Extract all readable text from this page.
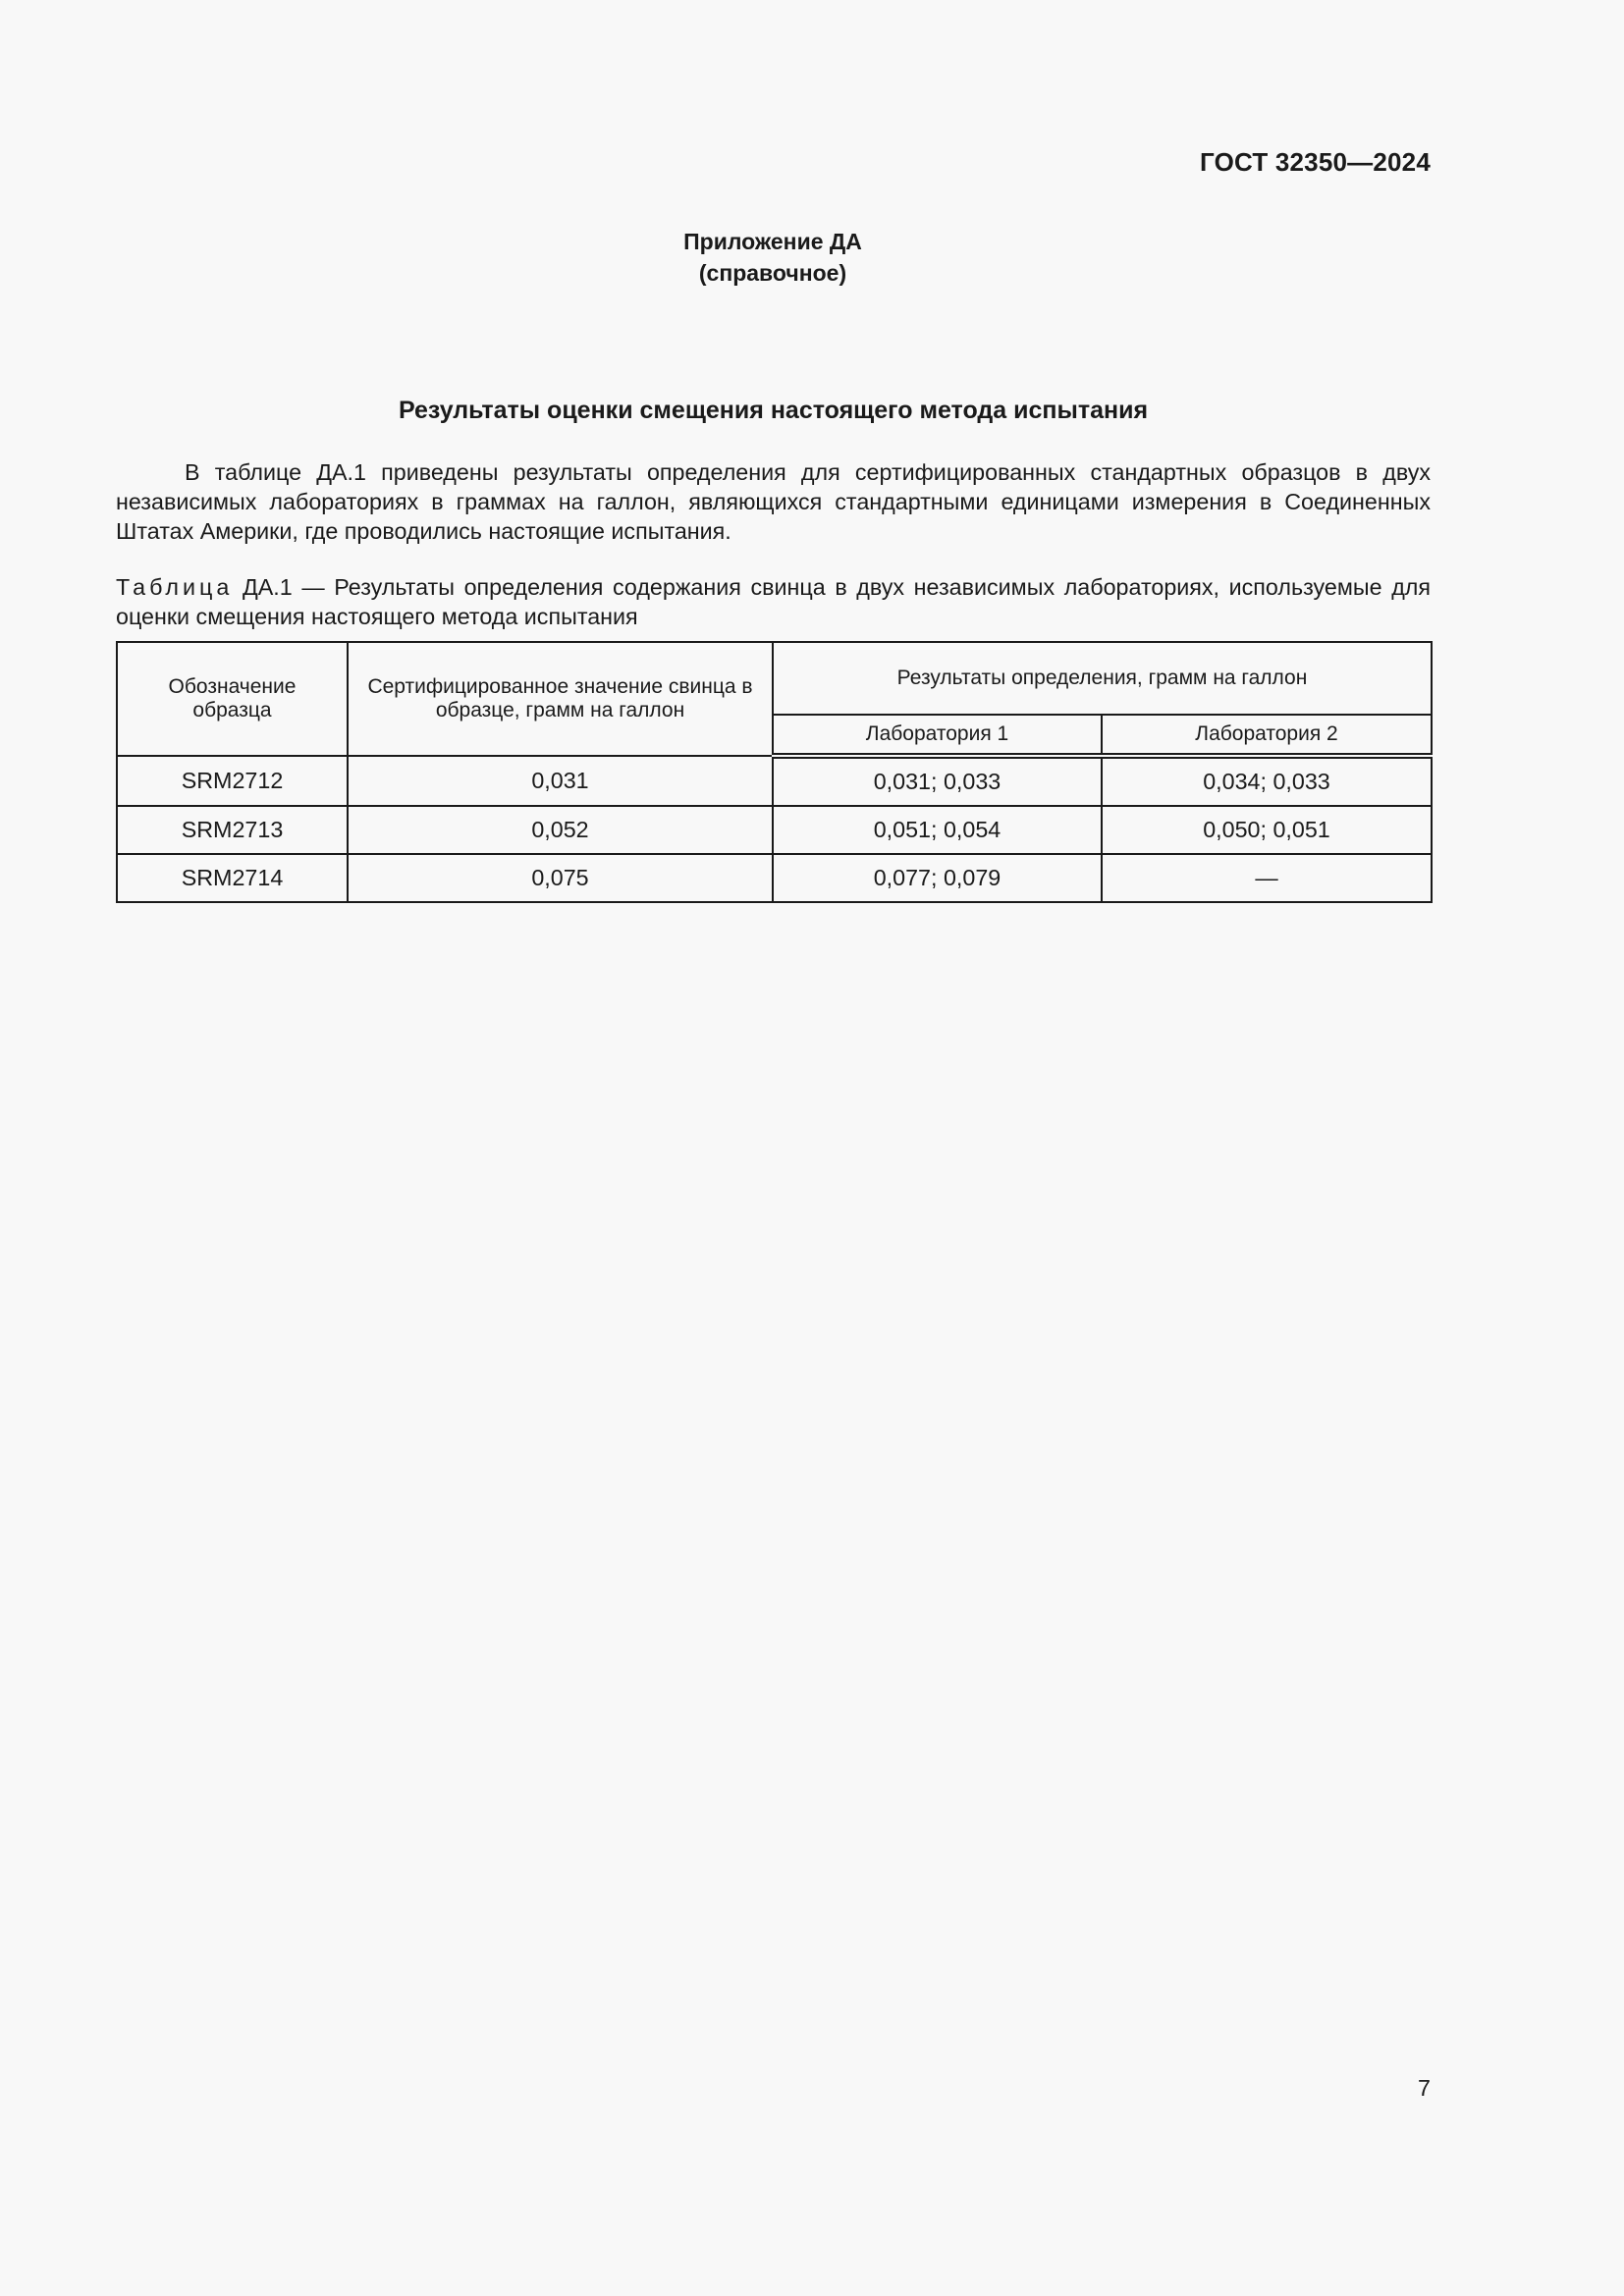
ГОСТ 32350—2024
Приложение ДА
(справочное)
Результаты оценки смещения настоящего метода испытания
В таблице ДА.1 приведены результаты определения для сертифицированных стандартных образцов в двух независимых лабораториях в граммах на галлон, являющихся стандартными единицами измерения в Соединенных Штатах Америки, где проводились настоящие испытания.
Таблица ДА.1 — Результаты определения содержания свинца в двух независимых лабораториях, используемые для оценки смещения настоящего метода испытания
Обозначение образца	Сертифицированное значение свинца в образце, грамм на галлон	Результаты определения, грамм на галлон	
		Лаборатория 1	Лаборатория 2
SRM2712	0,031	0,031; 0,033	0,034; 0,033
SRM2713	0,052	0,051; 0,054	0,050; 0,051
SRM2714	0,075	0,077; 0,079	—
7
